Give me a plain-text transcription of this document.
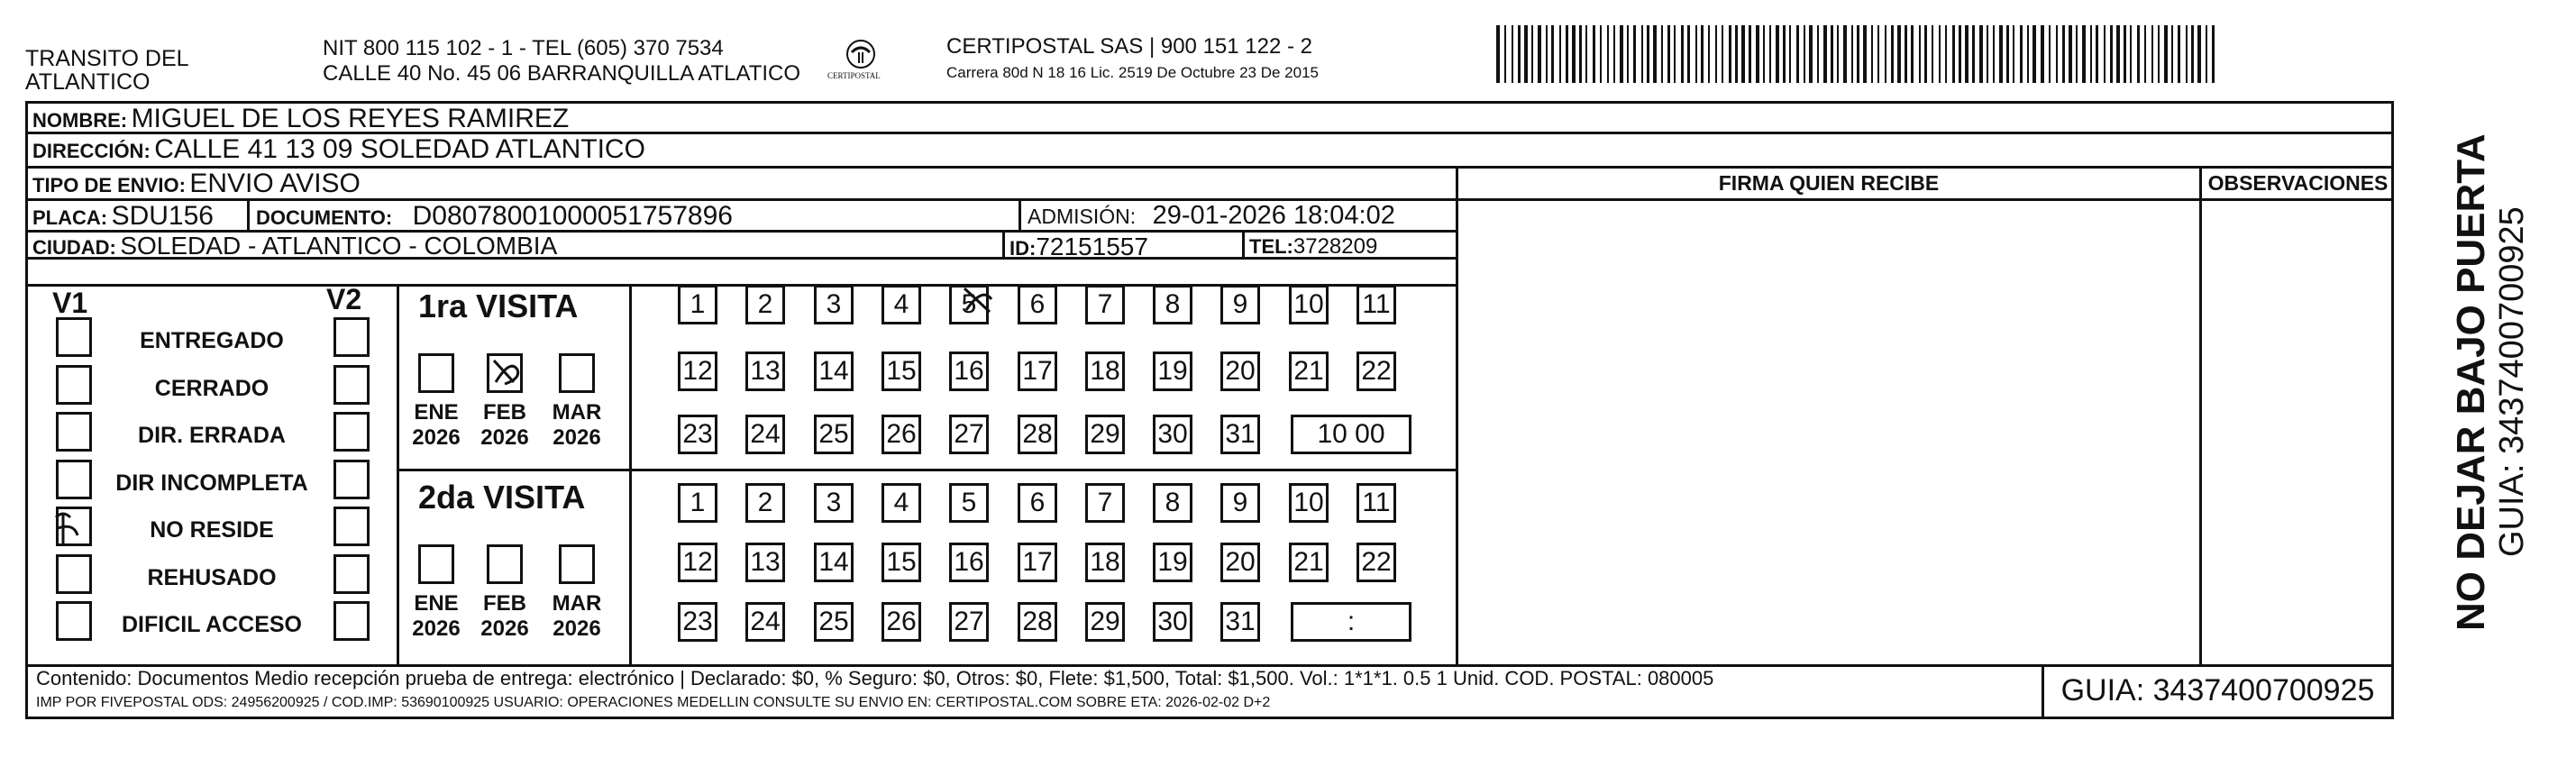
TRANSITO DEL
ATLANTICO
NIT 800 115 102 - 1 - TEL (605) 370 7534
CALLE 40 No. 45 06 BARRANQUILLA ATLATICO	CERTIPOSTAL
CERTIPOSTAL SAS | 900 151 122 - 2
Carrera 80d N 18 16 Lic. 2519 De Octubre 23 De 2015
NOMBRE: MIGUEL DE LOS REYES RAMIREZ
DIRECCIÓN: CALLE 41 13 09 SOLEDAD ATLANTICO
TIPO DE ENVIO: ENVIO AVISO	FIRMA QUIEN RECIBE	OBSERVACIONES
PLACA: SDU156 DOCUMENTO: D08078001000051757896	ADMISIÓN: 29-01-2026 18:04:02
CIUDAD: SOLEDAD - ATLANTICO - COLOMBIA	ID:72151557	TEL:3728209
V1	V2
ENTREGADO
CERRADO
DIR. ERRADA
DIR INCOMPLETA
NO RESIDE
REHUSADO
DIFICIL ACCESO
1ra VISITA
ENE
2026
FEB
2026
MAR
2026
1	2	3	4	5	6	7	8	9	10 11
12 13 14 15 16 17 18 19 20 21 22
23 24 25 26 27 28 29 30 31	10 00
2da VISITA
ENE
2026
FEB
2026
MAR
2026
1	2	3	4	5	6	7	8	9	10 11
12 13 14 15 16 17 18 19 20 21 22
23 24 25 26 27 28 29 30 31	:
Contenido: Documentos Medio recepción prueba de entrega: electrónico | Declarado: $0, % Seguro: $0, Otros: $0, Flete: $1,500, Total: $1,500. Vol.: 1*1*1. 0.5 1 Unid. COD. POSTAL: 080005
IMP POR FIVEPOSTAL ODS: 24956200925 / COD.IMP: 53690100925 USUARIO: OPERACIONES MEDELLIN CONSULTE SU ENVIO EN: CERTIPOSTAL.COM SOBRE ETA: 2026-02-02 D+2	GUIA: 3437400700925
NO DEJAR BAJO PUERTA GUIA: 3437400700925
